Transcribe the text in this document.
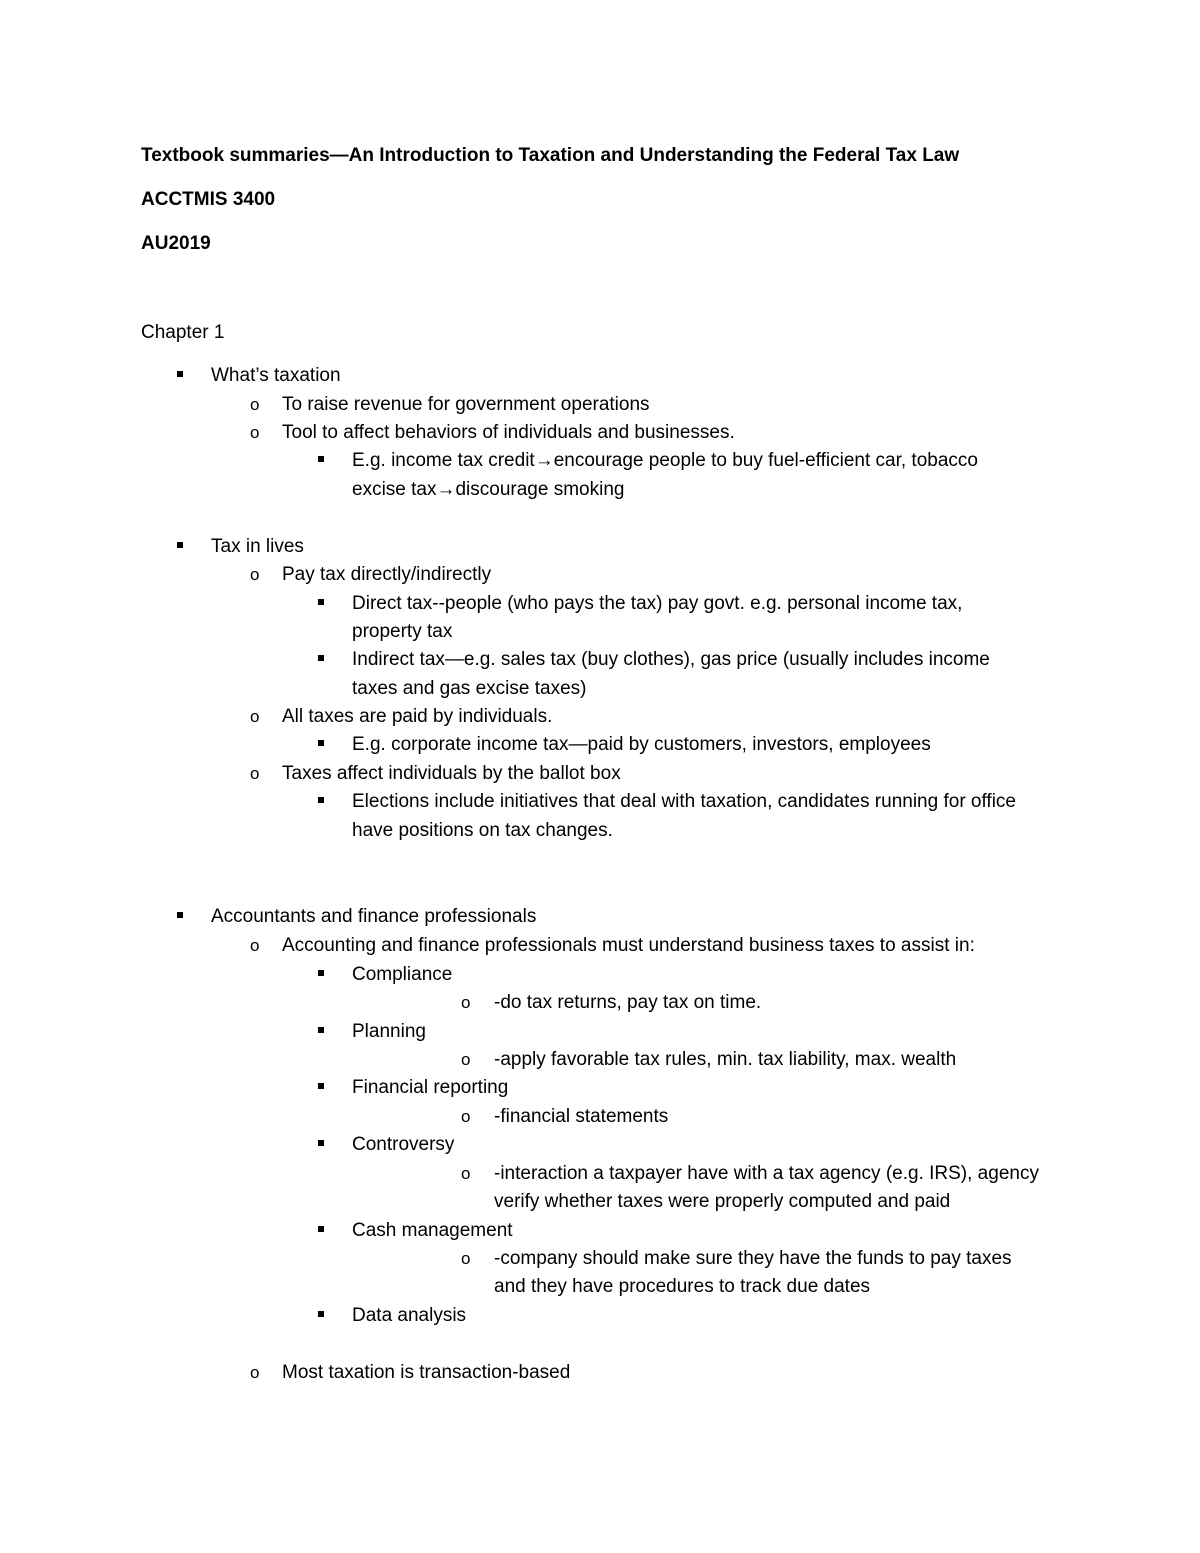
Textbook summaries—An Introduction to Taxation and Understanding the Federal Tax Law
ACCTMIS 3400
AU2019
Chapter 1
What’s taxation
o To raise revenue for government operations
o Tool to affect behaviors of individuals and businesses.
E.g. income tax credit→encourage people to buy fuel-efficient car, tobacco
excise tax→discourage smoking
Tax in lives
o Pay tax directly/indirectly
Direct tax--people (who pays the tax) pay govt. e.g. personal income tax,
property tax
Indirect tax—e.g. sales tax (buy clothes), gas price (usually includes income
taxes and gas excise taxes)
o All taxes are paid by individuals.
E.g. corporate income tax—paid by customers, investors, employees
o Taxes affect individuals by the ballot box
Elections include initiatives that deal with taxation, candidates running for office
have positions on tax changes.
Accountants and finance professionals
o Accounting and finance professionals must understand business taxes to assist in:
Compliance
o -do tax returns, pay tax on time.
Planning
o -apply favorable tax rules, min. tax liability, max. wealth
Financial reporting
o -financial statements
Controversy
o -interaction a taxpayer have with a tax agency (e.g. IRS), agency
verify whether taxes were properly computed and paid
Cash management
o -company should make sure they have the funds to pay taxes
and they have procedures to track due dates
Data analysis
o Most taxation is transaction-based
